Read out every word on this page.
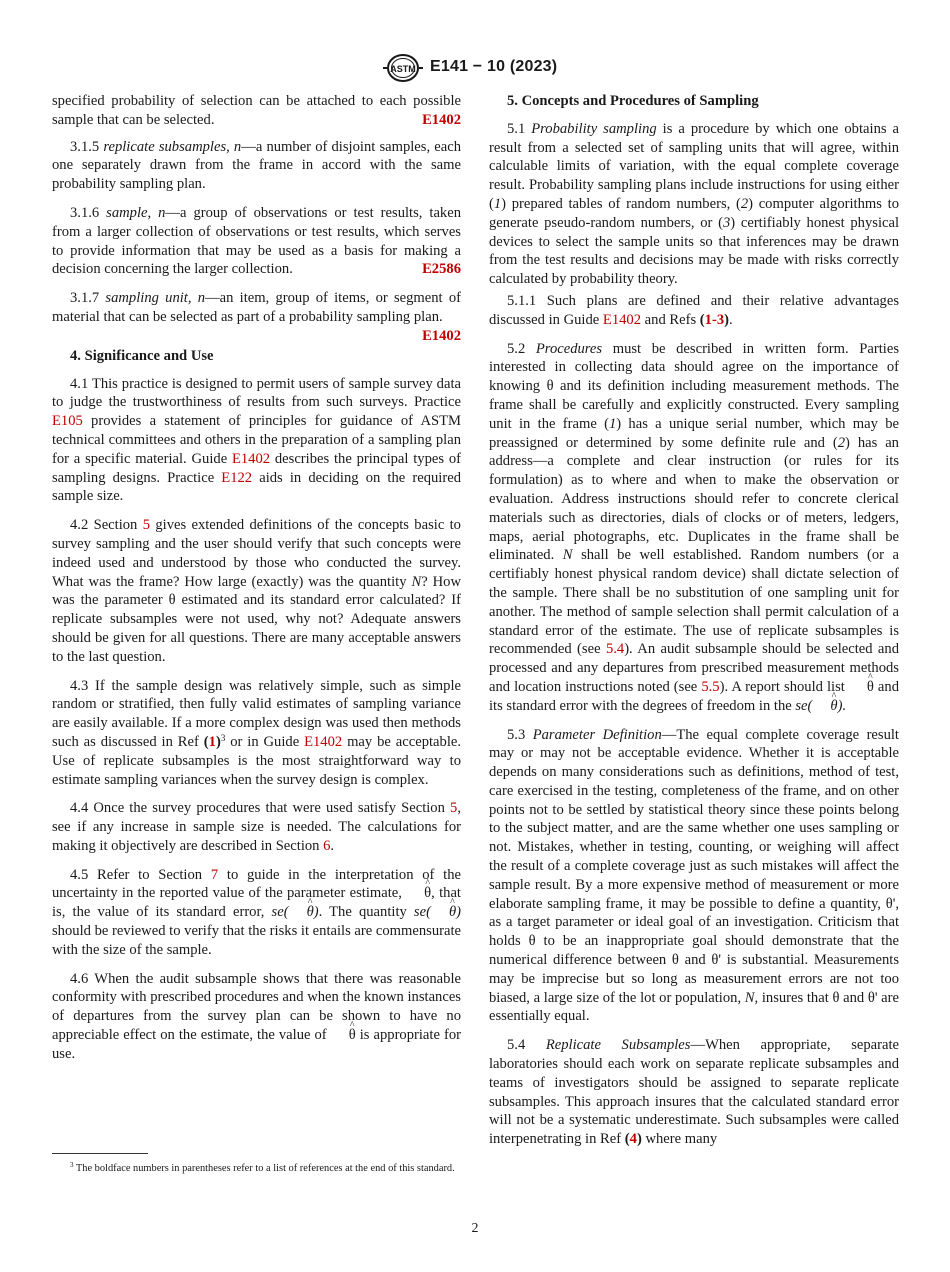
ASTM E141 − 10 (2023)

specified probability of selection can be attached to each possible sample that can be selected.	E1402

3.1.5 replicate subsamples, n—a number of disjoint samples, each one separately drawn from the frame in accord with the same probability sampling plan.

3.1.6 sample, n—a group of observations or test results, taken from a larger collection of observations or test results, which serves to provide information that may be used as a basis for making a decision concerning the larger collection.	E2586

3.1.7 sampling unit, n—an item, group of items, or segment of material that can be selected as part of a probability sampling plan.
E1402

4. Significance and Use

4.1 This practice is designed to permit users of sample survey data to judge the trustworthiness of results from such surveys. Practice E105 provides a statement of principles for guidance of ASTM technical committees and others in the preparation of a sampling plan for a specific material. Guide E1402 describes the principal types of sampling designs. Practice E122 aids in deciding on the required sample size.

4.2 Section 5 gives extended definitions of the concepts basic to survey sampling and the user should verify that such concepts were indeed used and understood by those who conducted the survey. What was the frame? How large (exactly) was the quantity N? How was the parameter θ estimated and its standard error calculated? If replicate subsamples were not used, why not? Adequate answers should be given for all questions. There are many acceptable answers to the last question.

4.3 If the sample design was relatively simple, such as simple random or stratified, then fully valid estimates of sampling variance are easily available. If a more complex design was used then methods such as discussed in Ref $(1)^3$ or in Guide E1402 may be acceptable. Use of replicate subsamples is the most straightforward way to estimate sampling variances when the survey design is complex.

4.4 Once the survey procedures that were used satisfy Section 5, see if any increase in sample size is needed. The calculations for making it objectively are described in Section 6.

4.5 Refer to Section 7 to guide in the interpretation of the uncertainty in the reported value of the parameter estimate, ^ θ, that is, the value of its standard error, se( ^ θ). The quantity se( ^ θ) should be reviewed to verify that the risks it entails are commensurate with the size of the sample.

4.6 When the audit subsample shows that there was reasonable conformity with prescribed procedures and when the known instances of departures from the survey plan can be shown to have no appreciable effect on the estimate, the value of ^ θ is appropriate for use.

5. Concepts and Procedures of Sampling

5.1 Probability sampling is a procedure by which one obtains a result from a selected set of sampling units that will agree, within calculable limits of variation, with the equal complete coverage result. Probability sampling plans include instructions for using either (1) prepared tables of random numbers, (2) computer algorithms to generate pseudo-random numbers, or (3) certifiably honest physical devices to select the sample units so that inferences may be drawn from the test results and decisions may be made with risks correctly calculated by probability theory.

5.1.1 Such plans are defined and their relative advantages discussed in Guide E1402 and Refs (1-3).

5.2 Procedures must be described in written form. Parties interested in collecting data should agree on the importance of knowing θ and its definition including measurement methods. The frame shall be carefully and explicitly constructed. Every sampling unit in the frame (1) has a unique serial number, which may be preassigned or determined by some definite rule and (2) has an address—a complete and clear instruction (or rules for its formulation) as to where and when to make the observation or evaluation. Address instructions should refer to concrete clerical materials such as directories, dials of clocks or of meters, ledgers, maps, aerial photographs, etc. Duplicates in the frame shall be eliminated. N shall be well established. Random numbers (or a certifiably honest physical random device) shall dictate selection of the sample. There shall be no substitution of one sampling unit for another. The method of sample selection shall permit calculation of a standard error of the estimate. The use of replicate subsamples is recommended (see 5.4). An audit subsample should be selected and processed and any departures from prescribed measurement methods and location instructions noted (see 5.5). A report should list ^ θ and its standard error with the degrees of freedom in the se( ^ θ).

5.3 Parameter Definition—The equal complete coverage result may or may not be acceptable evidence. Whether it is acceptable depends on many considerations such as definitions, method of test, care exercised in the testing, completeness of the frame, and on other points not to be settled by statistical theory since these points belong to the subject matter, and are the same whether one uses sampling or not. Mistakes, whether in testing, counting, or weighing will affect the result of a complete coverage just as such mistakes will affect the sample result. By a more expensive method of measurement or more elaborate sampling frame, it may be possible to define a quantity, θ', as a target parameter or ideal goal of an investigation. Criticism that holds θ to be an inappropriate goal should demonstrate that the numerical difference between θ and θ' is substantial. Measurements may be imprecise but so long as measurement errors are not too biased, a large size of the lot or population, N, insures that θ and θ' are essentially equal.

5.4 Replicate Subsamples—When appropriate, separate laboratories should each work on separate replicate subsamples and teams of investigators should be assigned to separate replicate subsamples. This approach insures that the calculated standard error will not be a systematic underestimate. Such subsamples were called interpenetrating in Ref (4) where many

$^3$ The boldface numbers in parentheses refer to a list of references at the end of this standard.
2
